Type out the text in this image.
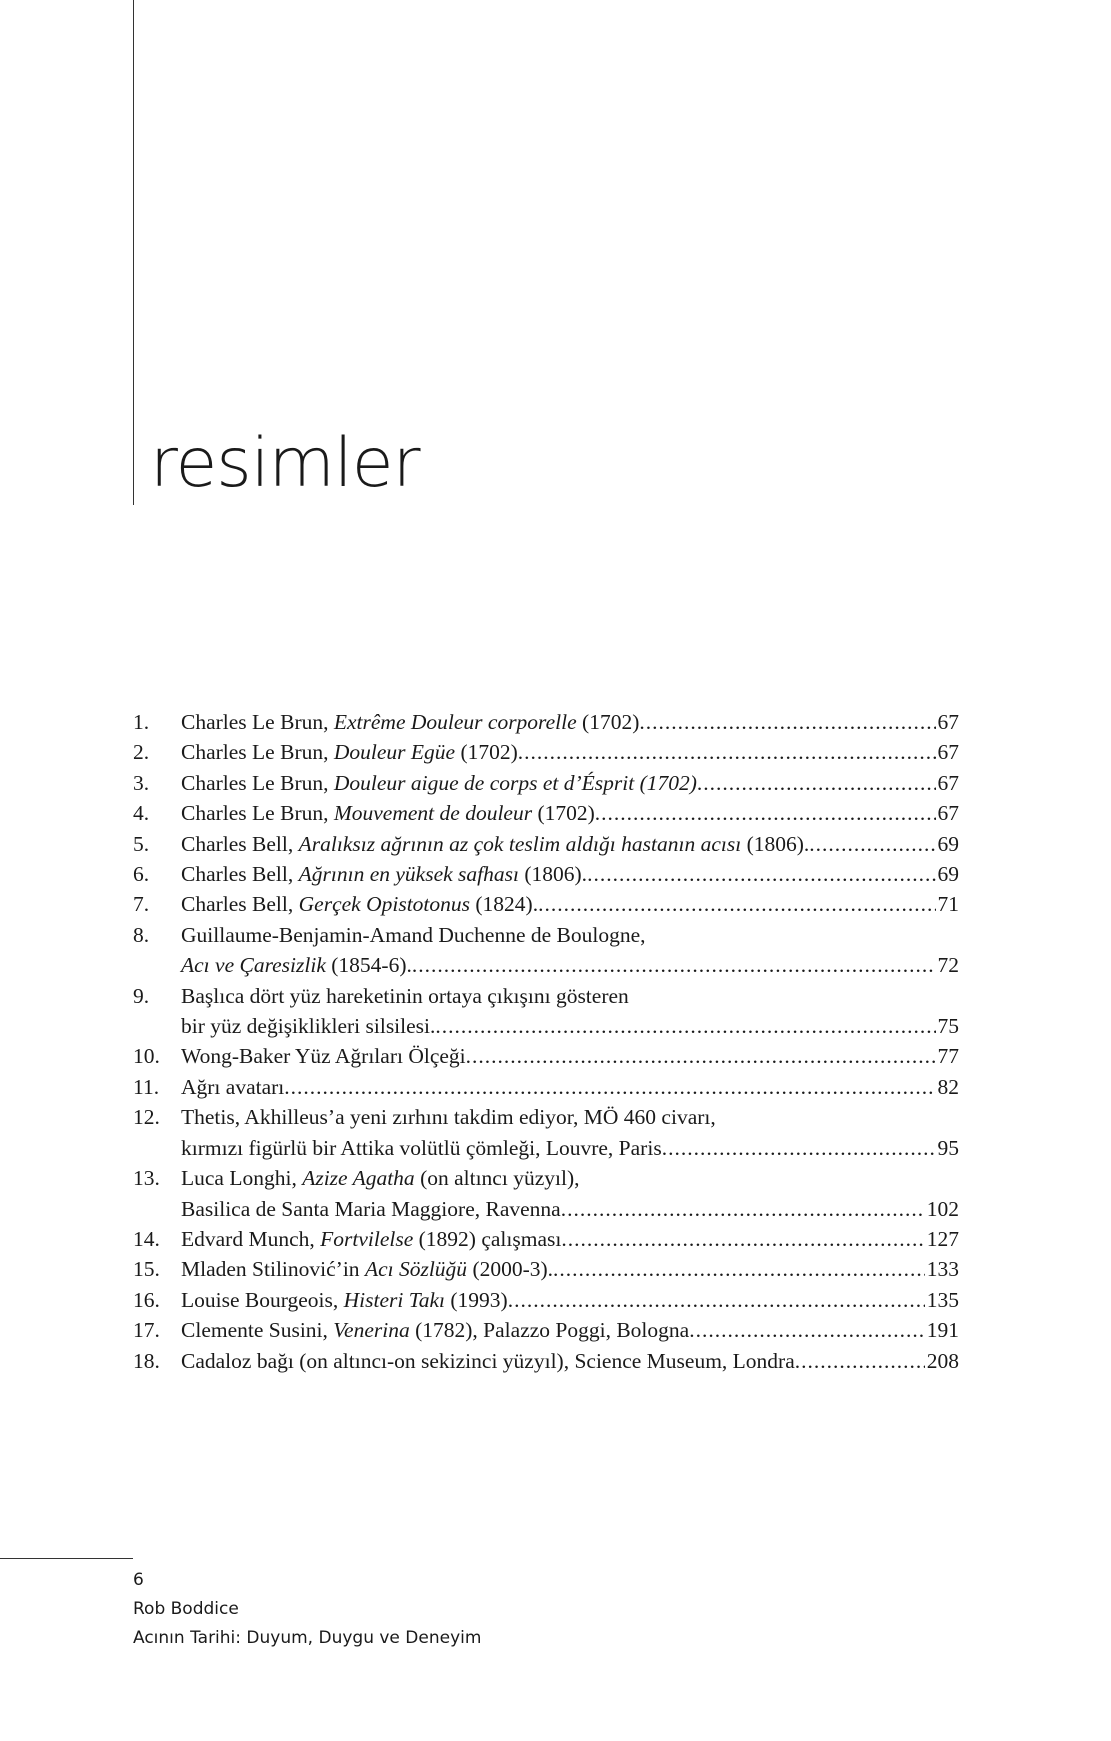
resimler
1.	Charles Le Brun, Extrême Douleur corporelle (1702) .....	67
2.	Charles Le Brun, Douleur Egüe (1702) .....	67
3.	Charles Le Brun, Douleur aigue de corps et d’Ésprit (1702) .....	67
4.	Charles Le Brun, Mouvement de douleur (1702) .....	67
5.	Charles Bell, Aralıksız ağrının az çok teslim aldığı hastanın acısı (1806). .....	69
6.	Charles Bell, Ağrının en yüksek safhası (1806). .....	69
7.	Charles Bell, Gerçek Opistotonus (1824). .....	71
8.	Guillaume-Benjamin-Amand Duchenne de Boulogne,
Acı ve Çaresizlik (1854-6). .....	72
9.	Başlıca dört yüz hareketinin ortaya çıkışını gösteren
bir yüz değişiklikleri silsilesi. .....	75
10. Wong-Baker Yüz Ağrıları Ölçeği .....	77
11.	Ağrı avatarı .....	82
12. Thetis, Akhilleus’a yeni zırhını takdim ediyor, MÖ 460 civarı,
kırmızı figürlü bir Attika volütlü çömleği, Louvre, Paris .....	95
13. Luca Longhi, Azize Agatha (on altıncı yüzyıl),
Basilica de Santa Maria Maggiore, Ravenna .....	102
14. Edvard Munch, Fortvilelse (1892) çalışması .....	127
15. Mladen Stilinović’in Acı Sözlüğü (2000-3). .....	133
16. Louise Bourgeois, Histeri Takı (1993) .....	135
17. Clemente Susini, Venerina (1782), Palazzo Poggi, Bologna .....	191
18. Cadaloz bağı (on altıncı-on sekizinci yüzyıl), Science Museum, Londra .....	208
6
Rob Boddice
Acının Tarihi: Duyum, Duygu ve Deneyim
